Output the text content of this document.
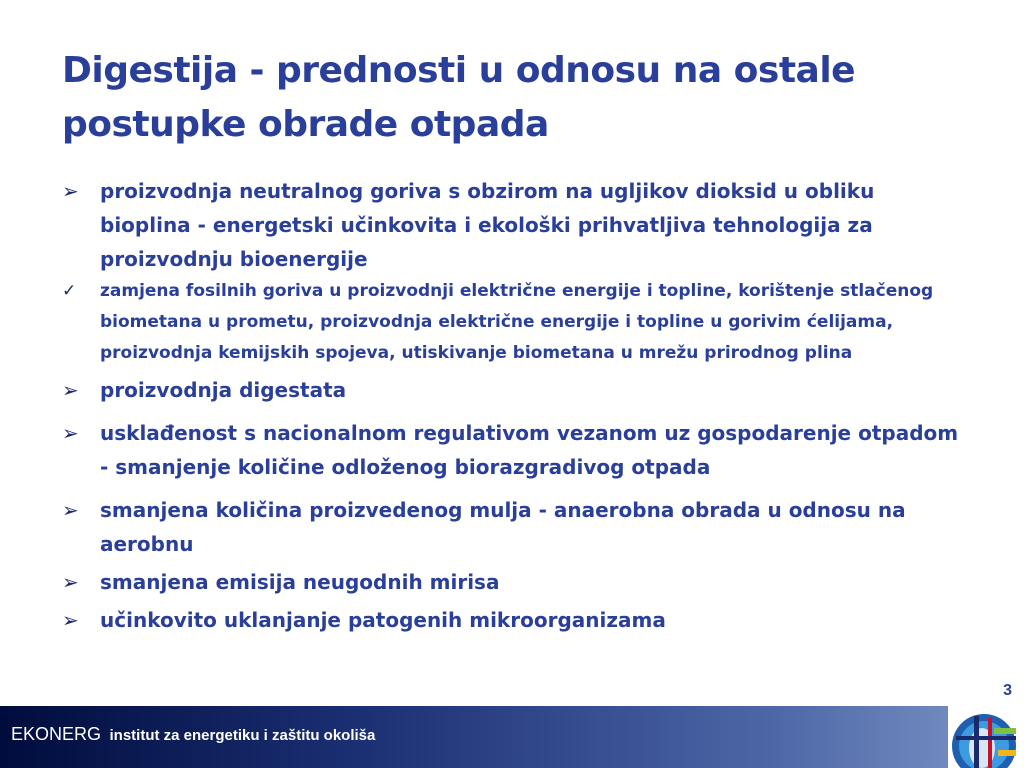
Digestija - prednosti u odnosu na ostale postupke obrade otpada
➢	proizvodnja neutralnog goriva s obzirom na ugljikov dioksid u obliku bioplina - energetski učinkovita i ekološki prihvatljiva tehnologija za proizvodnju bioenergije
✓	zamjena fosilnih goriva u proizvodnji električne energije i topline, korištenje stlačenog biometana u prometu, proizvodnja električne energije i topline u gorivim ćelijama, proizvodnja kemijskih spojeva, utiskivanje biometana u mrežu prirodnog plina
➢	proizvodnja digestata
➢	usklađenost s nacionalnom regulativom vezanom uz gospodarenje otpadom - smanjenje količine odloženog biorazgradivog otpada
➢	smanjena količina proizvedenog mulja - anaerobna obrada u odnosu na aerobnu
➢	smanjena emisija neugodnih mirisa
➢	učinkovito uklanjanje patogenih mikroorganizama
3
EKONERG institut za energetiku i zaštitu okoliša
